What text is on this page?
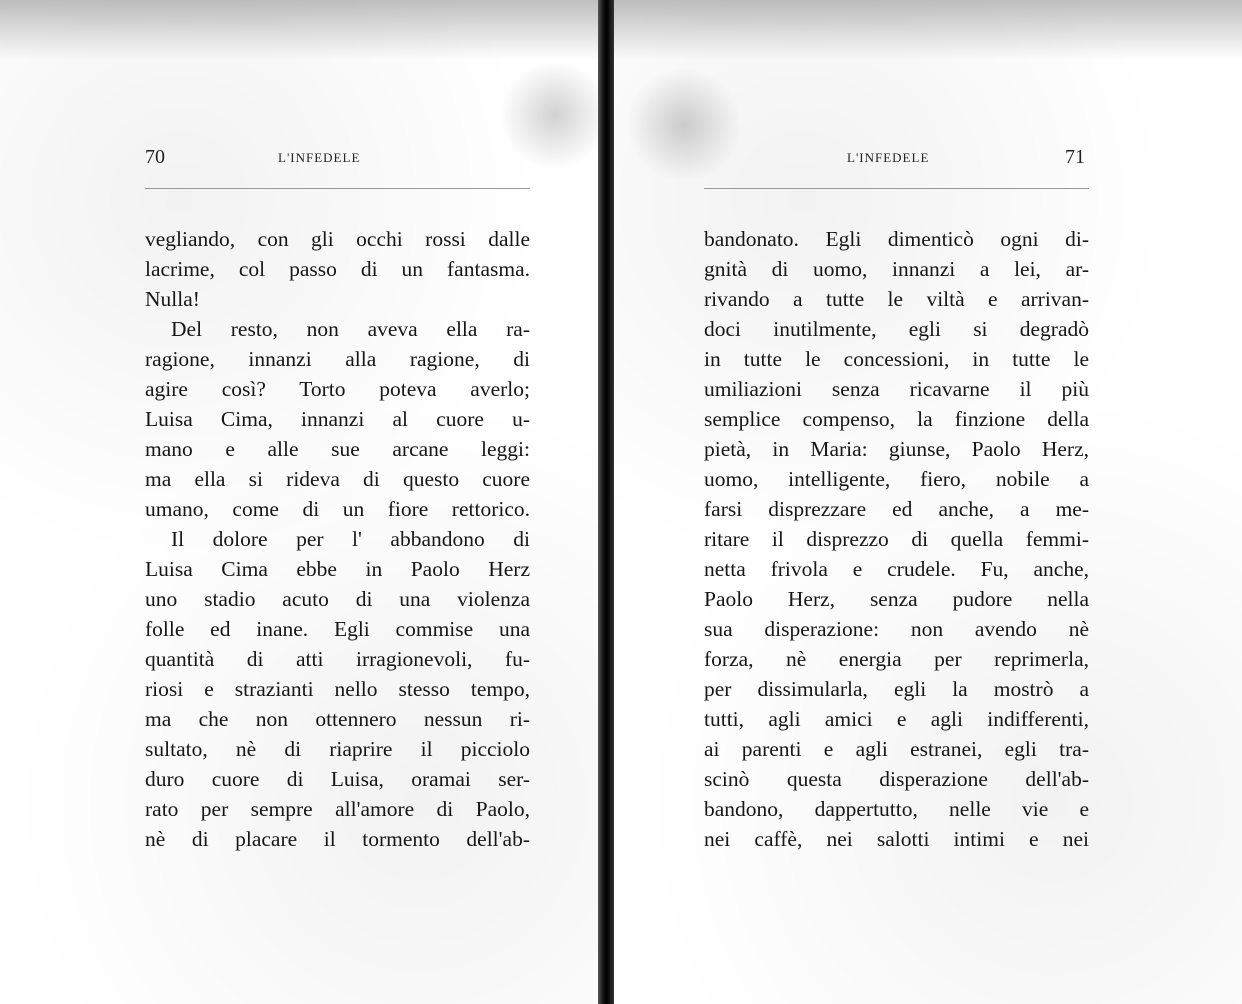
70	L'INFEDELE
vegliando, con gli occhi rossi dalle
lacrime, col passo di un fantasma.
Nulla!
Del resto, non aveva ella ra-
ragione, innanzi alla ragione, di
agire così? Torto poteva averlo;
Luisa Cima, innanzi al cuore u-
mano e alle sue arcane leggi:
ma ella si rideva di questo cuore
umano, come di un fiore rettorico.
Il dolore per l' abbandono di
Luisa Cima ebbe in Paolo Herz
uno stadio acuto di una violenza
folle ed inane. Egli commise una
quantità di atti irragionevoli, fu-
riosi e strazianti nello stesso tempo,
ma che non ottennero nessun ri-
sultato, nè di riaprire il picciolo
duro cuore di Luisa, oramai ser-
rato per sempre all'amore di Paolo,
nè di placare il tormento dell'ab-
L'INFEDELE	71
bandonato. Egli dimenticò ogni di-
gnità di uomo, innanzi a lei, ar-
rivando a tutte le viltà e arrivan-
doci inutilmente, egli si degradò
in tutte le concessioni, in tutte le
umiliazioni senza ricavarne il più
semplice compenso, la finzione della
pietà, in Maria: giunse, Paolo Herz,
uomo, intelligente, fiero, nobile a
farsi disprezzare ed anche, a me-
ritare il disprezzo di quella femmi-
netta frivola e crudele. Fu, anche,
Paolo Herz, senza pudore nella
sua disperazione: non avendo nè
forza, nè energia per reprimerla,
per dissimularla, egli la mostrò a
tutti, agli amici e agli indifferenti,
ai parenti e agli estranei, egli tra-
scinò questa disperazione dell'ab-
bandono, dappertutto, nelle vie e
nei caffè, nei salotti intimi e nei
